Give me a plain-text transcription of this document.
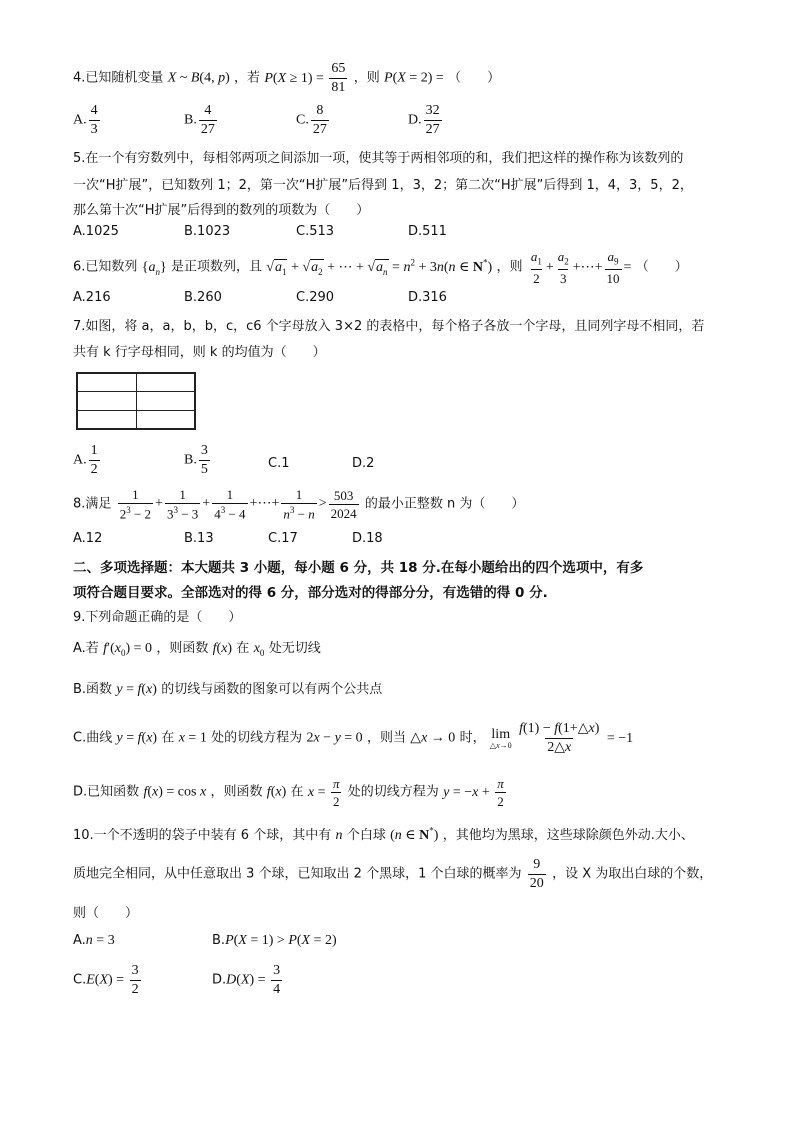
4.已知随机变量 X ~ B(4, p) ，若 $P(X \ge 1) = \frac{65}{81}$ ，则 P(X = 2) = （　　）
A. $\frac{4}{3}$	B. $\frac{4}{27}$	C. $\frac{8}{27}$	D. $\frac{32}{27}$
5.在一个有穷数列中，每相邻两项之间添加一项，使其等于两相邻项的和，我们把这样的操作称为该数列的
一次“H扩展”，已知数列 1；2，第一次“H扩展”后得到 1，3，2；第二次“H扩展”后得到 1，4，3，5，2，
那么第十次“H扩展”后得到的数列的项数为（　　）
A.1025	B.1023	C.513	D.511
6.已知数列 $\{a_n\}$ 是正项数列，且 $√a_1 + √a_2$ + ⋯ + $√a_n = n^2 + 3n(n$ ∈ N*) ，则 $\frac{a_1}{2} + \frac{a_2}{3}$ +⋯+ $\frac{a_9}{10}$ = （　　）
A.216	B.260	C.290	D.316
7.如图，将 a，a，b，b，c，c6 个字母放入 3×2 的表格中，每个格子各放一个字母，且同列字母不相同，若
共有 k 行字母相同，则 k 的均值为（　　）
A. $\frac{1}{2}$	B. $\frac{3}{5}$	C.1	D.2
8.满足 $\frac{1}{2^3 - 2} + \frac{1}{3^3 - 3} + \frac{1}{4^3 - 4}$ +⋯+ $\frac{1}{n^3 - n} > \frac{503}{2024}$ 的最小正整数 n 为（　　）
A.12	B.13	C.17	D.18
二、多项选择题：本大题共 3 小题，每小题 6 分，共 18 分.在每小题给出的四个选项中，有多
项符合题目要求。全部选对的得 6 分，部分选对的得部分分，有选错的得 0 分.
9.下列命题正确的是（　　）
A.若 $f'(x_0) = 0$ ，则函数 f(x) 在 $x_0$ 处无切线
B.函数 y = f(x) 的切线与函数的图象可以有两个公共点
C.曲线 y = f(x) 在 x = 1 处的切线方程为 2x − y = 0 ，则当 △x → 0 时， lim
△x→0
$\frac{f(1) - f(1+\triangle x)}{2\triangle x} = -1$
D.已知函数 f(x) = cos x ，则函数 f(x) 在 $x = \frac{\pi}{2}$ 处的切线方程为 $y = -x + \frac{\pi}{2}$
10.一个不透明的袋子中装有 6 个球，其中有 n 个白球 (n ∈ N*) ，其他均为黑球，这些球除颜色外动.大小、
质地完全相同，从中任意取出 3 个球，已知取出 2 个黑球，1 个白球的概率为 $\frac{9}{20}$ ，设 X 为取出白球的个数，
则（　　）
A.n = 3	B.P(X = 1) > P(X = 2)
$C.E(X) = \frac{3}{2}$	$D.D(X) = \frac{3}{4}$
